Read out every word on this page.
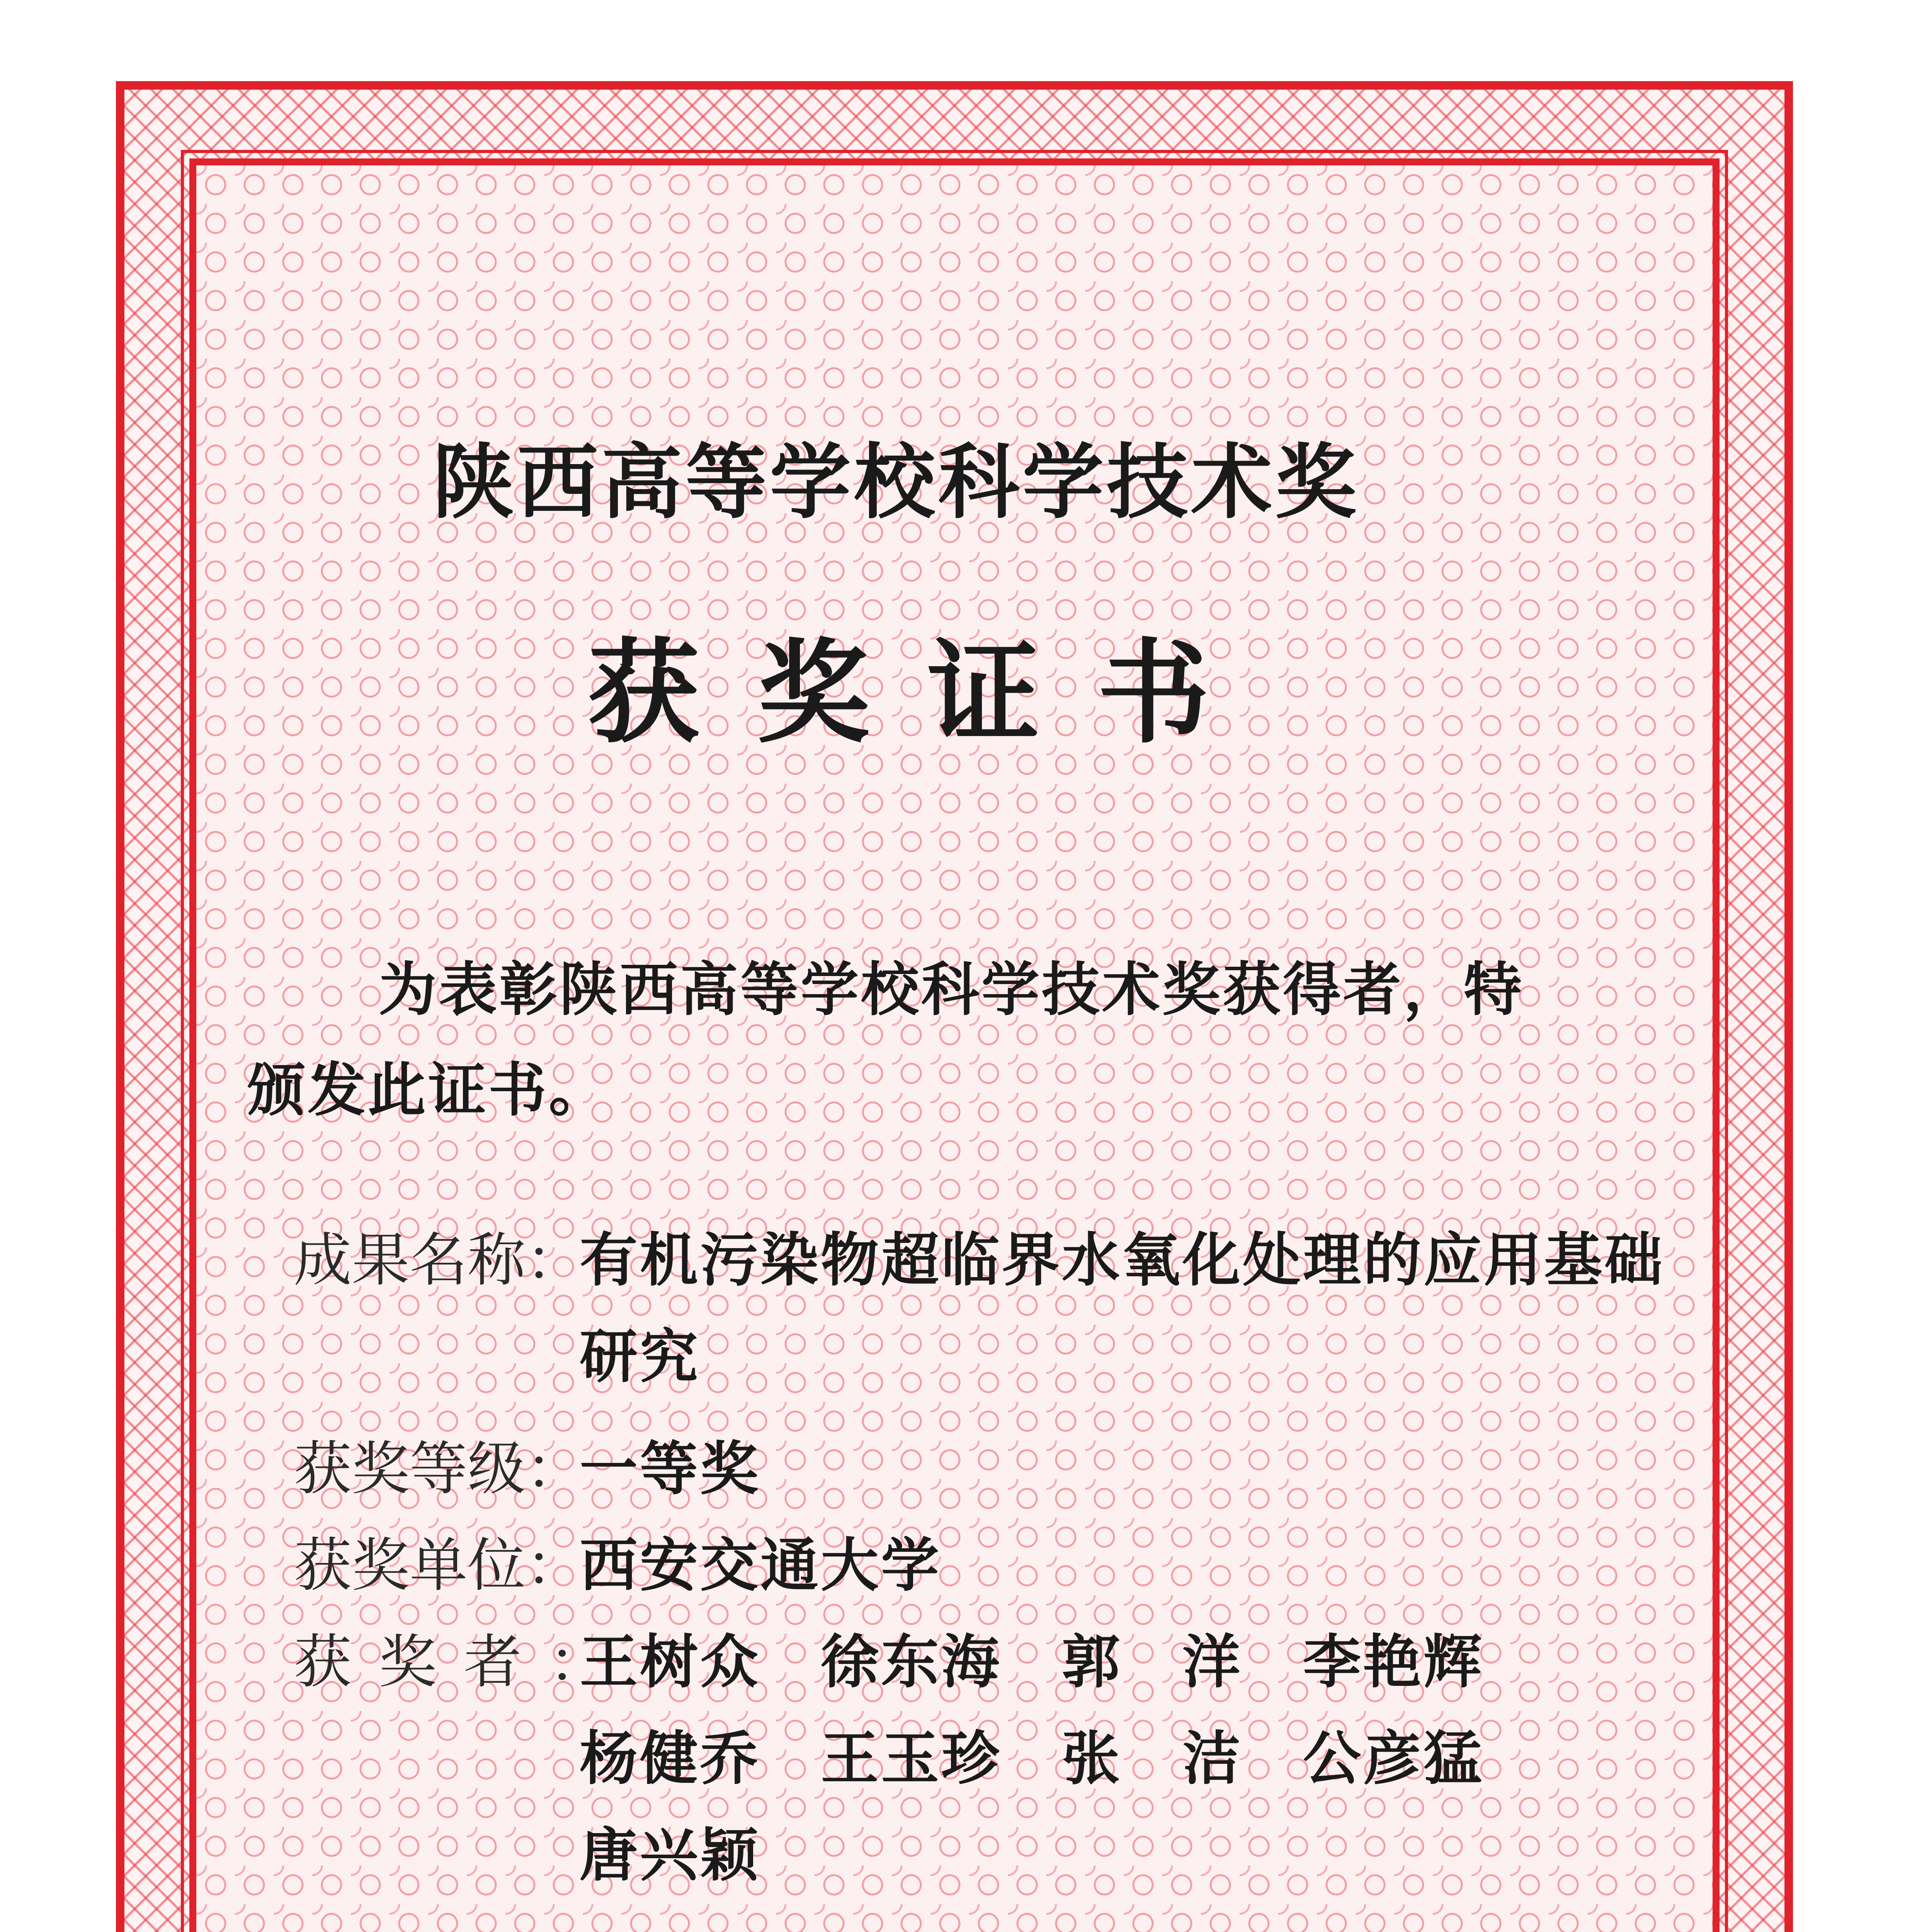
陕西高等学校科学技术奖
获奖证书
为表彰陕西高等学校科学技术奖获得者，特
颁发此证书。
成果名称：
有机污染物超临界水氧化处理的应用基础
研究
获奖等级：
一等奖
获奖单位：
西安交通大学
获奖者：
王树众　徐东海　郭　洋　李艳辉
杨健乔　王玉珍　张　洁　公彦猛
唐兴颖
